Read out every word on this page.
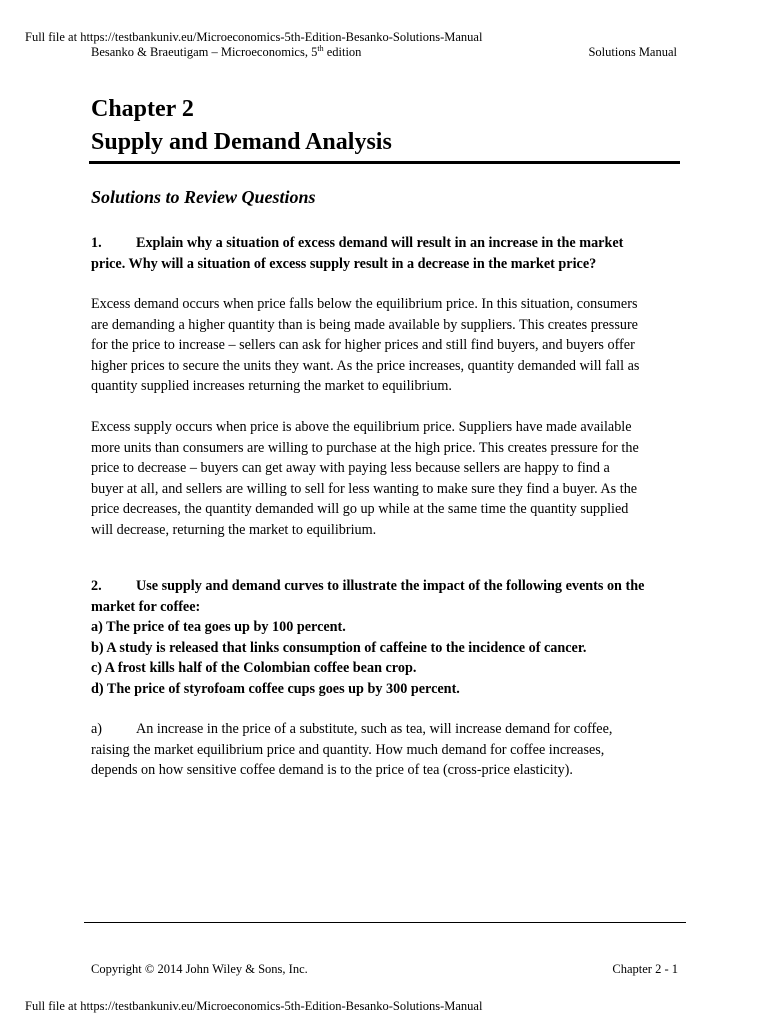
Full file at https://testbankuniv.eu/Microeconomics-5th-Edition-Besanko-Solutions-Manual
Besanko & Braeutigam – Microeconomics, 5th edition	Solutions Manual
Chapter 2
Supply and Demand Analysis
Solutions to Review Questions
1. Explain why a situation of excess demand will result in an increase in the market
price. Why will a situation of excess supply result in a decrease in the market price?
Excess demand occurs when price falls below the equilibrium price. In this situation, consumers
are demanding a higher quantity than is being made available by suppliers. This creates pressure
for the price to increase – sellers can ask for higher prices and still find buyers, and buyers offer
higher prices to secure the units they want. As the price increases, quantity demanded will fall as
quantity supplied increases returning the market to equilibrium.
Excess supply occurs when price is above the equilibrium price. Suppliers have made available
more units than consumers are willing to purchase at the high price. This creates pressure for the
price to decrease – buyers can get away with paying less because sellers are happy to find a
buyer at all, and sellers are willing to sell for less wanting to make sure they find a buyer. As the
price decreases, the quantity demanded will go up while at the same time the quantity supplied
will decrease, returning the market to equilibrium.
2. Use supply and demand curves to illustrate the impact of the following events on the
market for coffee:
a) The price of tea goes up by 100 percent.
b) A study is released that links consumption of caffeine to the incidence of cancer.
c) A frost kills half of the Colombian coffee bean crop.
d) The price of styrofoam coffee cups goes up by 300 percent.
a) An increase in the price of a substitute, such as tea, will increase demand for coffee,
raising the market equilibrium price and quantity. How much demand for coffee increases,
depends on how sensitive coffee demand is to the price of tea (cross-price elasticity).
Copyright © 2014 John Wiley & Sons, Inc.	Chapter 2 - 1
Full file at https://testbankuniv.eu/Microeconomics-5th-Edition-Besanko-Solutions-Manual
